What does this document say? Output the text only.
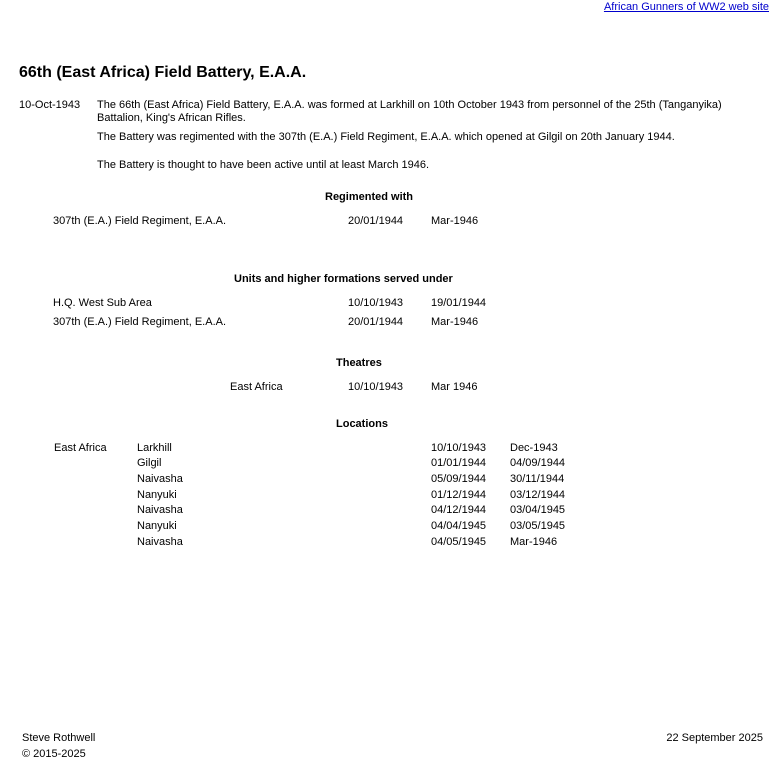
African Gunners of WW2 web site
66th (East Africa) Field Battery, E.A.A.
10-Oct-1943 The 66th (East Africa) Field Battery, E.A.A. was formed at Larkhill on 10th October 1943 from personnel of the 25th (Tanganyika) Battalion, King's African Rifles.
The Battery was regimented with the 307th (E.A.) Field Regiment, E.A.A. which opened at Gilgil on 20th January 1944.
The Battery is thought to have been active until at least March 1946.
Regimented with
307th (E.A.) Field Regiment, E.A.A.	20/01/1944	Mar-1946
Units and higher formations served under
H.Q. West Sub Area	10/10/1943	19/01/1944
307th (E.A.) Field Regiment, E.A.A.	20/01/1944	Mar-1946
Theatres
East Africa	10/10/1943	Mar 1946
Locations
East Africa	Larkhill	10/10/1943 Dec-1943
Gilgil	01/01/1944 04/09/1944
Naivasha	05/09/1944 30/11/1944
Nanyuki	01/12/1944 03/12/1944
Naivasha	04/12/1944 03/04/1945
Nanyuki	04/04/1945 03/05/1945
Naivasha	04/05/1945 Mar-1946
Steve Rothwell
© 2015-2025
22 September 2025
